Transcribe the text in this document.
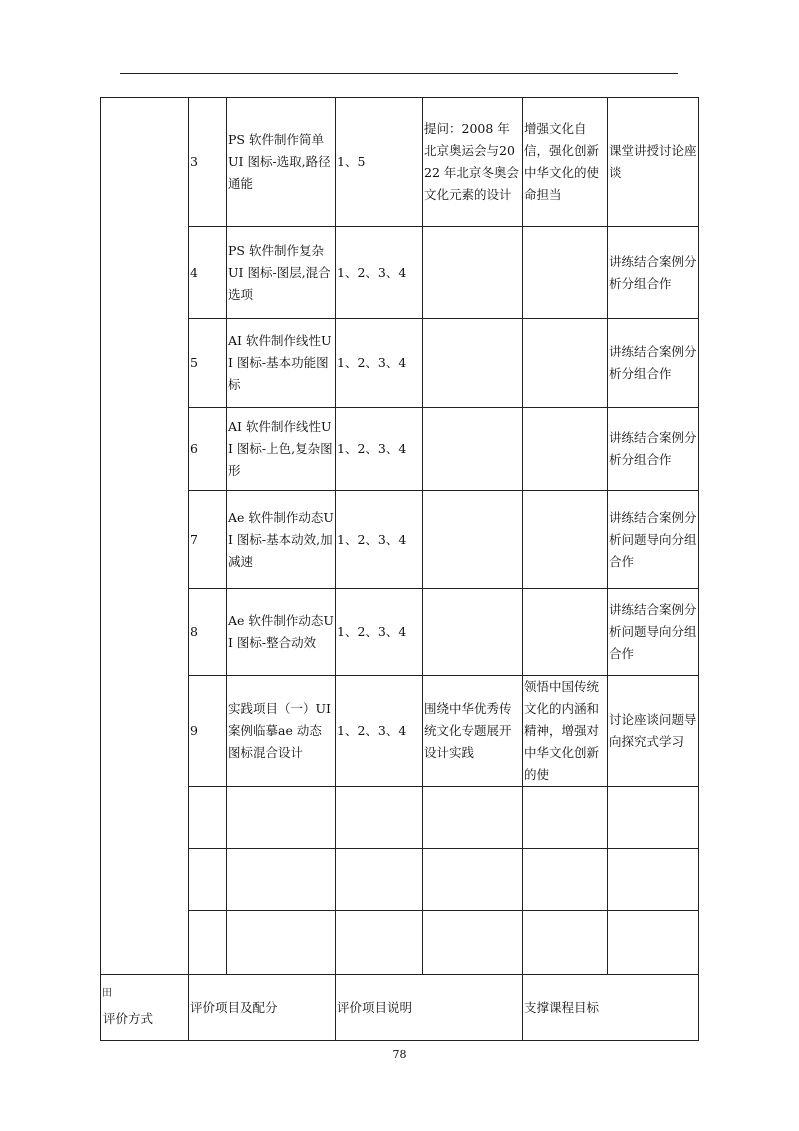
	3	PS 软件制作简单UI 图标-选取,路径通能	1、5	提问：2008 年北京奥运会与2022 年北京冬奥会文化元素的设计	增强文化自信，强化创新中华文化的使命担当	课堂讲授讨论座谈
	4	PS 软件制作复杂UI 图标-图层,混合选项	1、2、3、4			讲练结合案例分析分组合作
	5	AI 软件制作线性UI 图标-基本功能图标	1、2、3、4			讲练结合案例分析分组合作
	6	AI 软件制作线性UI 图标-上色,复杂图形	1、2、3、4			讲练结合案例分析分组合作
	7	Ae 软件制作动态UI 图标-基本动效,加减速	1、2、3、4			讲练结合案例分析问题导向分组合作
	8	Ae 软件制作动态UI 图标-整合动效	1、2、3、4			讲练结合案例分析问题导向分组合作
	9	实践项目（一）UI 案例临摹ae 动态图标混合设计	1、2、3、4	围绕中华优秀传统文化专题展开设计实践	领悟中国传统文化的内涵和精神，增强对中华文化创新的使	讨论座谈问题导向探究式学习

田
评价方式	评价项目及配分		评价项目说明		支撑课程目标	
78
